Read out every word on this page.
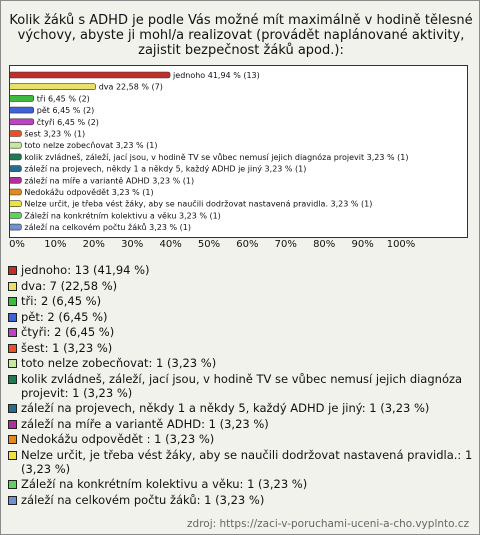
Kolik žáků s ADHD je podle Vás možné mít maximálně v hodině tělesné výchovy, abyste ji mohl/a realizovat (provádět naplánované aktivity, zajistit bezpečnost žáků apod.):
jednoho 41,94 % (13)
dva 22,58 % (7)
tři 6,45 % (2)
pět 6,45 % (2)
čtyři 6,45 % (2)
šest 3,23 % (1)
toto nelze zobecňovat 3,23 % (1)
kolik zvládneš, záleží, jací jsou, v hodině TV se vůbec nemusí jejich diagnóza projevit 3,23 % (1)
záleží na projevech, někdy 1 a někdy 5, každý ADHD je jiný 3,23 % (1)
záleží na míře a variantě ADHD 3,23 % (1)
Nedokážu odpovědět 3,23 % (1)
Nelze určit, je třeba vést žáky, aby se naučili dodržovat nastavená pravidla. 3,23 % (1)
Záleží na konkrétním kolektivu a věku 3,23 % (1)
záleží na celkovém počtu žáků 3,23 % (1)
0% 10% 20% 30% 40% 50% 60% 70% 80% 90% 100%
jednoho: 13 (41,94 %)
dva: 7 (22,58 %)
tři: 2 (6,45 %)
pět: 2 (6,45 %)
čtyři: 2 (6,45 %)
šest: 1 (3,23 %)
toto nelze zobecňovat: 1 (3,23 %)
kolik zvládneš, záleží, jací jsou, v hodině TV se vůbec nemusí jejich diagnóza projevit: 1 (3,23 %)
záleží na projevech, někdy 1 a někdy 5, každý ADHD je jiný: 1 (3,23 %)
záleží na míře a variantě ADHD: 1 (3,23 %)
Nedokážu odpovědět : 1 (3,23 %)
Nelze určit, je třeba vést žáky, aby se naučili dodržovat nastavená pravidla.: 1 (3,23 %)
Záleží na konkrétním kolektivu a věku: 1 (3,23 %)
záleží na celkovém počtu žáků: 1 (3,23 %)
zdroj: https://zaci-v-poruchami-uceni-a-cho.vyplnto.cz
